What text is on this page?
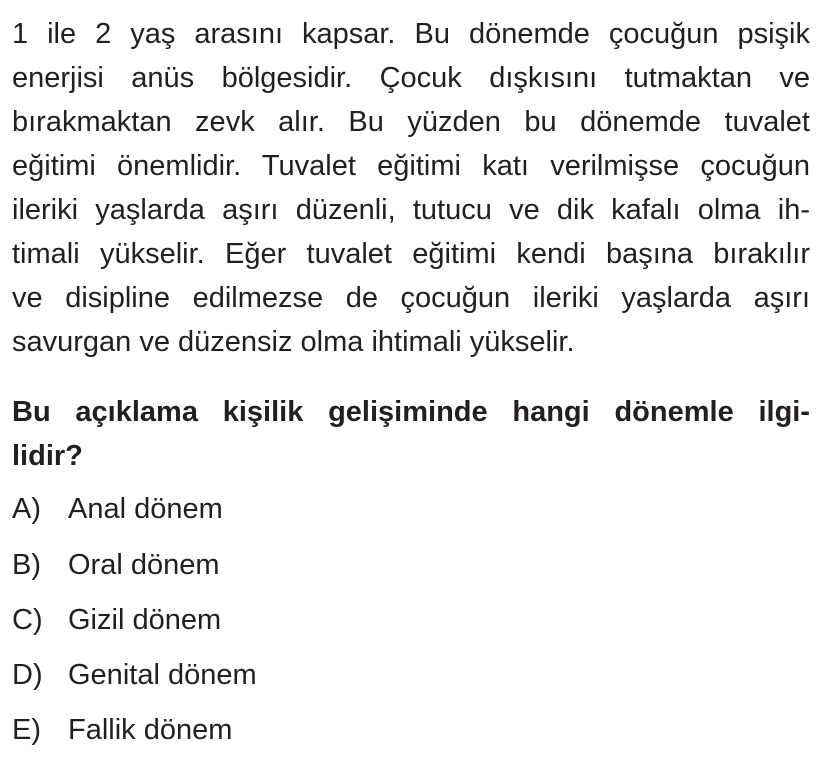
1 ile 2 yaş arasını kapsar. Bu dönemde çocuğun psişik
enerjisi anüs bölgesidir. Çocuk dışkısını tutmaktan ve
bırakmaktan zevk alır. Bu yüzden bu dönemde tuvalet
eğitimi önemlidir. Tuvalet eğitimi katı verilmişse çocuğun
ileriki yaşlarda aşırı düzenli, tutucu ve dik kafalı olma ih-
timali yükselir. Eğer tuvalet eğitimi kendi başına bırakılır
ve disipline edilmezse de çocuğun ileriki yaşlarda aşırı
savurgan ve düzensiz olma ihtimali yükselir.
Bu açıklama kişilik gelişiminde hangi dönemle ilgi-
lidir?
A) Anal dönem
B) Oral dönem
C) Gizil dönem
D) Genital dönem
E) Fallik dönem
